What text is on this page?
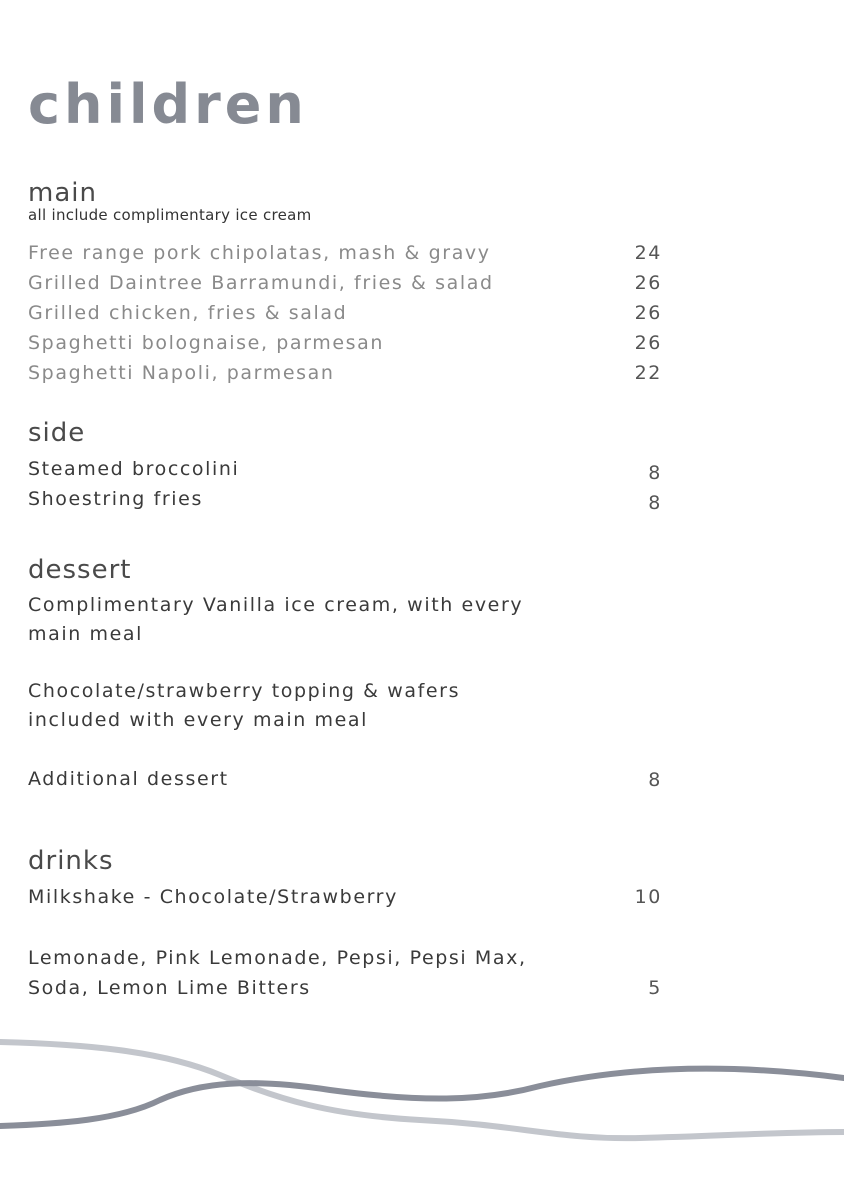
children
main

all include complimentary ice cream

Free range pork chipolatas, mash & gravy	24
Grilled Daintree Barramundi, fries & salad	26
Grilled chicken, fries & salad	26
Spaghetti bolognaise, parmesan	26
Spaghetti Napoli, parmesan	22
side
Steamed broccolini	8
Shoestring fries	8
dessert
Complimentary Vanilla ice cream, with every
main meal
Chocolate/strawberry topping & wafers
included with every main meal
Additional dessert	8
drinks
Milkshake - Chocolate/Strawberry	10
Lemonade, Pink Lemonade, Pepsi, Pepsi Max,
Soda, Lemon Lime Bitters	5
